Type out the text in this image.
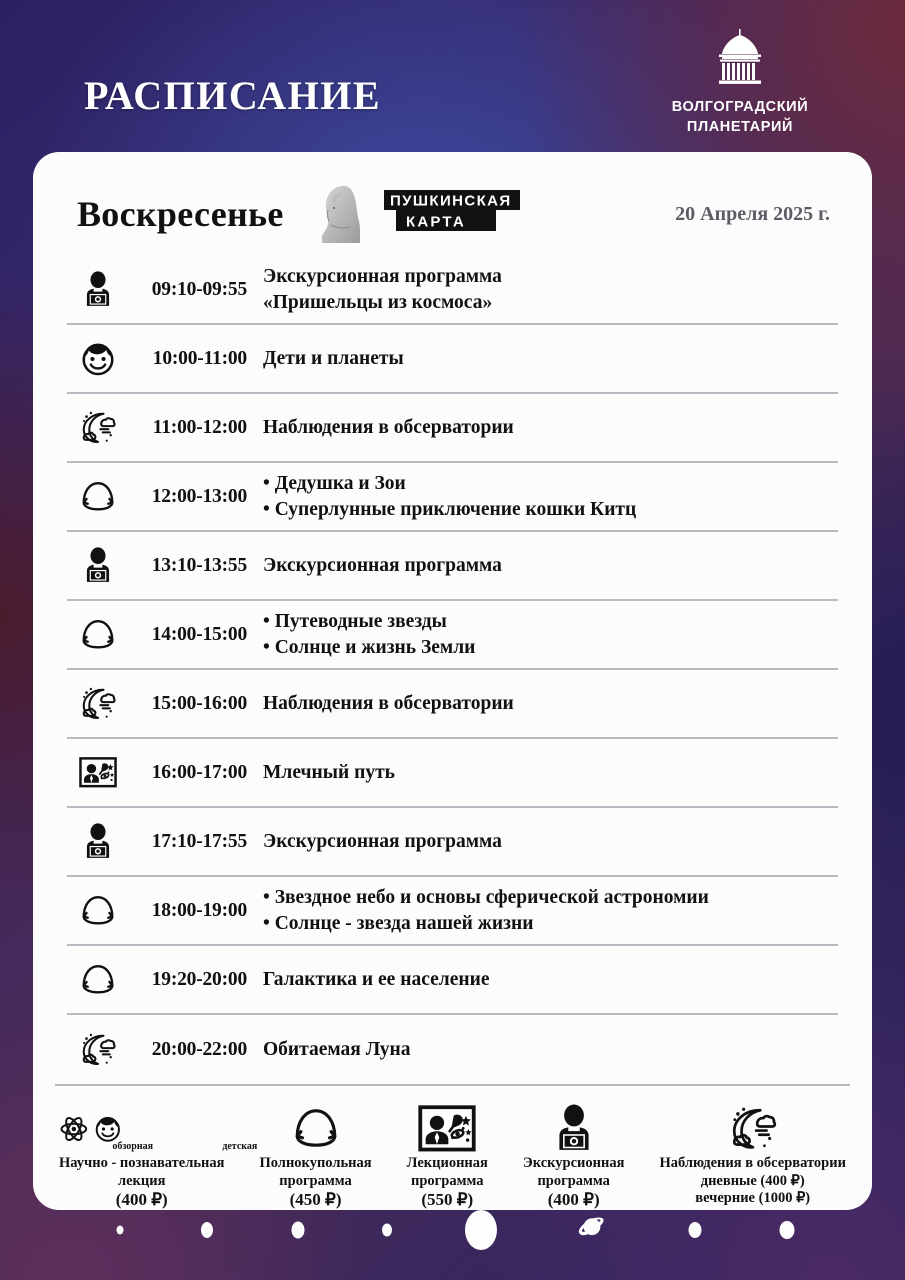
РАСПИСАНИЕ	ВОЛГОГРАДСКИЙ
ПЛАНЕТАРИЙ
Воскресенье	ПУШКИНСКАЯ
КАРТА	20 Апреля 2025 г.
09:10-09:55
Экскурсионная программа
«Пришельцы из космоса»
10:00-11:00 Дети и планеты
11:00-12:00 Наблюдения в обсерватории
12:00-13:00
• Дедушка и Зои
• Суперлунные приключение кошки Китц
13:10-13:55 Экскурсионная программа
14:00-15:00
• Путеводные звезды
• Солнце и жизнь Земли
15:00-16:00 Наблюдения в обсерватории
16:00-17:00 Млечный путь
17:10-17:55 Экскурсионная программа
18:00-19:00
• Звездное небо и основы сферической астрономии
• Солнце - звезда нашей жизни
19:20-20:00 Галактика и ее население
20:00-22:00 Обитаемая Луна
обзорная	детская
Научно - познавательная
лекция
(400 ₽)
Полнокупольная
программа
(450 ₽)
Лекционная
программа
(550 ₽)
Экскурсионная
программа
(400 ₽)
Наблюдения в обсерватории
дневные (400 ₽)
вечерние (1000 ₽)
